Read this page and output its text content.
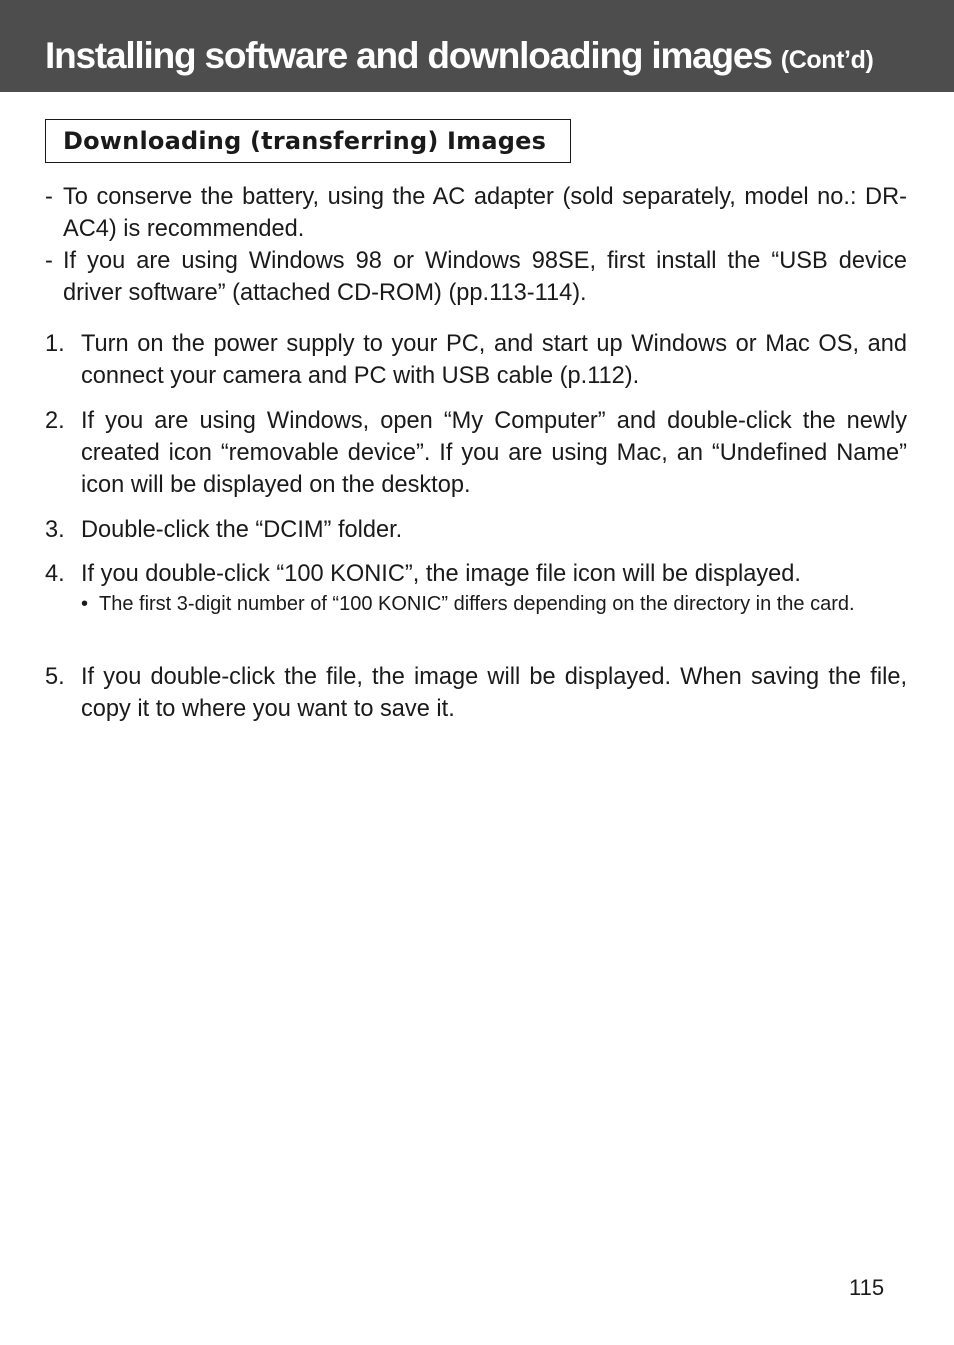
Installing software and downloading images (Cont’d)
Downloading (transferring) Images
- To conserve the battery, using the AC adapter (sold separately, model no.: DR-AC4) is recommended.
- If you are using Windows 98 or Windows 98SE, first install the “USB device driver software” (attached CD-ROM) (pp.113-114).
1. Turn on the power supply to your PC, and start up Windows or Mac OS, and connect your camera and PC with USB cable (p.112).
2. If you are using Windows, open “My Computer” and double-click the newly created icon “removable device”. If you are using Mac, an “Undefined Name” icon will be displayed on the desktop.
3. Double-click the “DCIM” folder.
4. If you double-click “100 KONIC”, the image file icon will be displayed.
• The first 3-digit number of “100 KONIC” differs depending on the directory in the card.
5. If you double-click the file, the image will be displayed. When saving the file, copy it to where you want to save it.
115
